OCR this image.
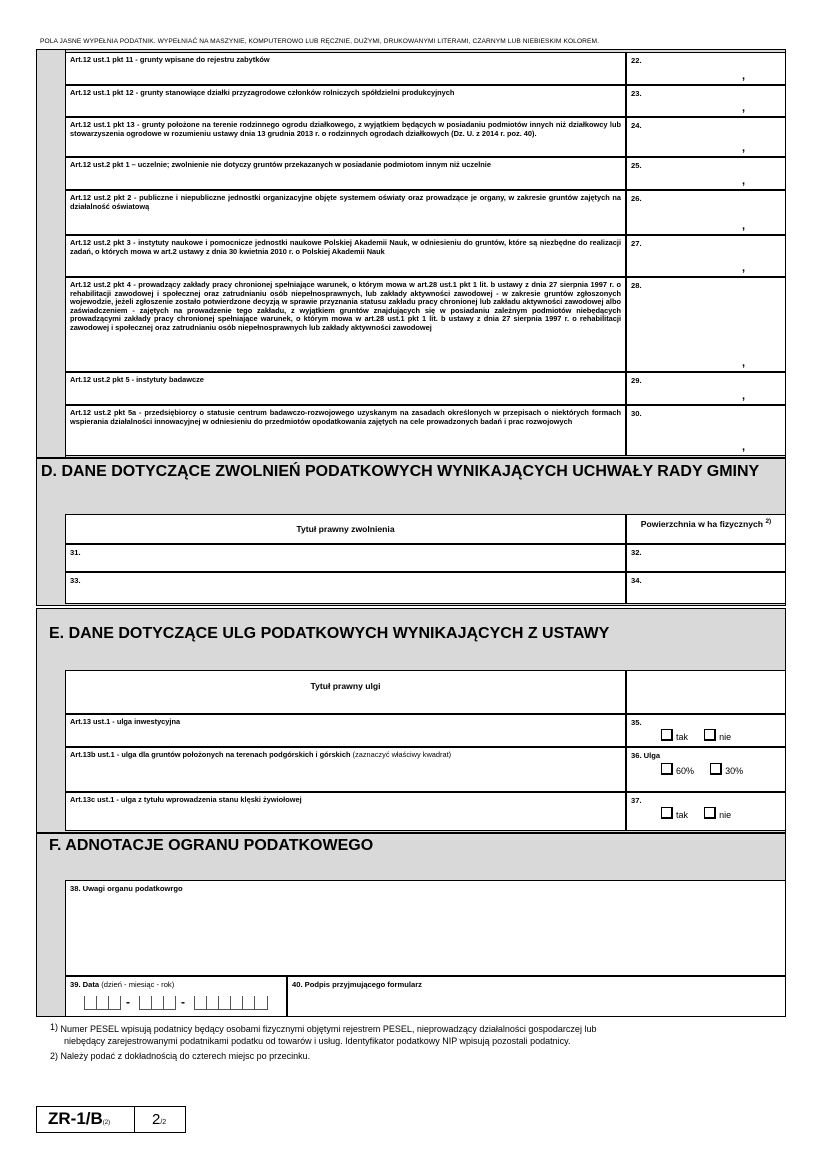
POLA JASNE WYPEŁNIA PODATNIK. WYPEŁNIAĆ NA MASZYNIE, KOMPUTEROWO LUB RĘCZNIE, DUŻYMI, DRUKOWANYMI LITERAMI, CZARNYM LUB NIEBIESKIM KOLOREM.
Art.12 ust.1 pkt 11 - grunty wpisane do rejestru zabytków	22.
,
Art.12 ust.1 pkt 12 - grunty stanowiące działki przyzagrodowe członków rolniczych spółdzielni produkcyjnych	23.
,
Art.12 ust.1 pkt 13 - grunty położone na terenie rodzinnego ogrodu działkowego, z wyjątkiem będących w posiadaniu podmiotów innych niż działkowcy lub stowarzyszenia ogrodowe w rozumieniu ustawy dnia 13 grudnia 2013 r. o rodzinnych ogrodach działkowych (Dz. U. z 2014 r. poz. 40).
24.
,
Art.12 ust.2 pkt 1 – uczelnie; zwolnienie nie dotyczy gruntów przekazanych w posiadanie podmiotom innym niż uczelnie	25.
,
Art.12 ust.2 pkt 2 - publiczne i niepubliczne jednostki organizacyjne objęte systemem oświaty oraz prowadzące je organy, w zakresie gruntów zajętych na działalność oświatową
26.
,
Art.12 ust.2 pkt 3 - instytuty naukowe i pomocnicze jednostki naukowe Polskiej Akademii Nauk, w odniesieniu do gruntów, które są niezbędne do realizacji zadań, o których mowa w art.2 ustawy z dnia 30 kwietnia 2010 r. o Polskiej Akademii Nauk
27.
,
Art.12 ust.2 pkt 4 - prowadzący zakłady pracy chronionej spełniające warunek, o którym mowa w art.28 ust.1 pkt 1 lit. b ustawy z dnia 27 sierpnia 1997 r. o rehabilitacji zawodowej i społecznej oraz zatrudnianiu osób niepełnosprawnych, lub zakłady aktywności zawodowej - w zakresie gruntów zgłoszonych wojewodzie, jeżeli zgłoszenie zostało potwierdzone decyzją w sprawie przyznania statusu zakładu pracy chronionej lub zakładu aktywności zawodowej albo zaświadczeniem - zajętych na prowadzenie tego zakładu, z wyjątkiem gruntów znajdujących się w posiadaniu zależnym podmiotów niebędących prowadzącymi zakłady pracy chronionej spełniające warunek, o którym mowa w art.28 ust.1 pkt 1 lit. b ustawy z dnia 27 sierpnia 1997 r. o rehabilitacji zawodowej i społecznej oraz zatrudnianiu osób niepełnosprawnych lub zakłady aktywności zawodowej
28.
,
Art.12 ust.2 pkt 5 - instytuty badawcze	29.
,
Art.12 ust.2 pkt 5a - przedsiębiorcy o statusie centrum badawczo-rozwojowego uzyskanym na zasadach określonych w przepisach o niektórych formach wspierania działalności innowacyjnej w odniesieniu do przedmiotów opodatkowania zajętych na cele prowadzonych badań i prac rozwojowych
30.
,
D. DANE DOTYCZĄCE ZWOLNIEŃ PODATKOWYCH WYNIKAJĄCYCH UCHWAŁY RADY GMINY
Tytuł prawny zwolnienia
Powierzchnia w ha fizycznych $^{2)}$
31.	32.
33.	34.
E. DANE DOTYCZĄCE ULG PODATKOWYCH WYNIKAJĄCYCH Z USTAWY
Tytuł prawny ulgi
Art.13 ust.1 - ulga inwestycyjna	35.
tak	nie
Art.13b ust.1 - ulga dla gruntów położonych na terenach podgórskich i górskich (zaznaczyć właściwy kwadrat)	36. Ulga
60%	30%
Art.13c ust.1 - ulga z tytułu wprowadzenia stanu klęski żywiołowej	37.
tak	nie
F. ADNOTACJE OGRANU PODATKOWEGO
38. Uwagi organu podatkowrgo
39. Data (dzień - miesiąc - rok)
-	-
40. Podpis przyjmującego formularz
1) Numer PESEL wpisują podatnicy będący osobami fizycznymi objętymi rejestrem PESEL, nieprowadzący działalności gospodarczej lub
niebędący zarejestrowanymi podatnikami podatku od towarów i usług. Identyfikator podatkowy NIP wpisują pozostali podatnicy.
2) Należy podać z dokładnością do czterech miejsc po przecinku.
ZR-1/B(2)	2/2
